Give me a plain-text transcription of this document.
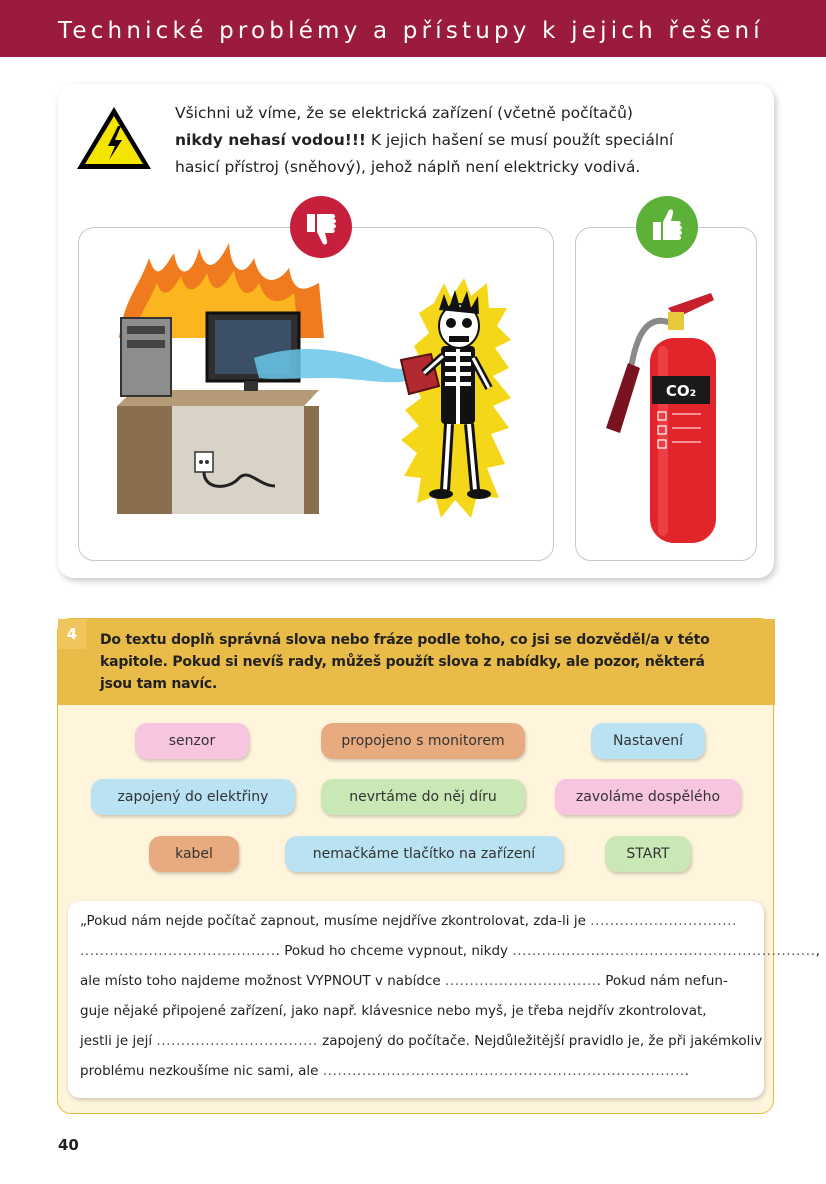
Technické problémy a přístupy k jejich řešení
Všichni už víme, že se elektrická zařízení (včetně počítačů)
nikdy nehasí vodou!!! K jejich hašení se musí použít speciální
hasicí přístroj (sněhový), jehož náplň není elektricky vodivá.
CO₂
4	Do textu doplň správná slova nebo fráze podle toho, co jsi se dozvěděl/a v této
kapitole. Pokud si nevíš rady, můžeš použít slova z nabídky, ale pozor, některá
jsou tam navíc.
senzor	propojeno s monitorem	Nastavení
zapojený do elektřiny	nevrtáme do něj díru	zavoláme dospělého
kabel	nemačkáme tlačítko na zařízení	START
„Pokud nám nejde počítač zapnout, musíme nejdříve zkontrolovat, zda-li je ..............................
......................................... Pokud ho chceme vypnout, nikdy ..............................................................,
ale místo toho najdeme možnost VYPNOUT v nabídce ................................ Pokud nám nefun-
guje nějaké připojené zařízení, jako např. klávesnice nebo myš, je třeba nejdřív zkontrolovat,
jestli je její ................................. zapojený do počítače. Nejdůležitější pravidlo je, že při jakémkoliv
problému nezkoušíme nic sami, ale ...........................................................................
40
